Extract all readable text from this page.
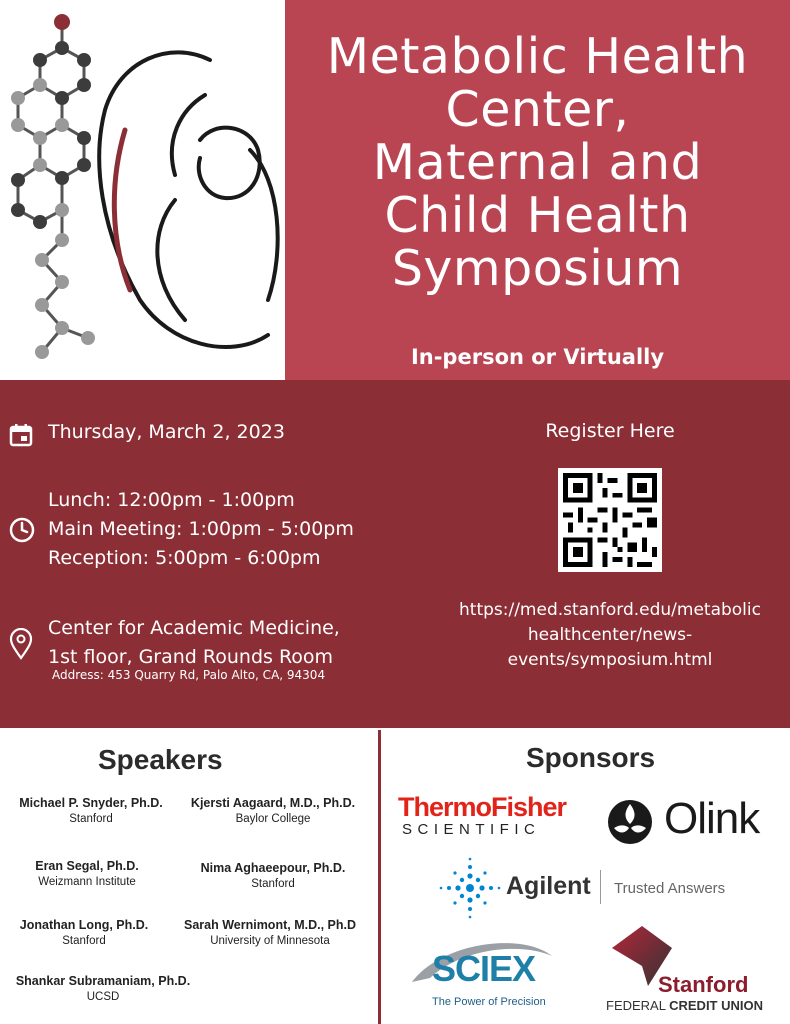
Metabolic Health
Center,
Maternal and
Child Health
Symposium
In-person or Virtually
Thursday, March 2, 2023
Lunch: 12:00pm - 1:00pm
Main Meeting: 1:00pm - 5:00pm
Reception: 5:00pm - 6:00pm
Center for Academic Medicine,
1st floor, Grand Rounds Room
Address: 453 Quarry Rd, Palo Alto, CA, 94304
Register Here
https://med.stanford.edu/metabolic
healthcenter/news-
events/symposium.html
Speakers
Michael P. Snyder, Ph.D.
Stanford
Kjersti Aagaard, M.D., Ph.D.
Baylor College
Eran Segal, Ph.D.
Weizmann Institute
Nima Aghaeepour, Ph.D.
Stanford
Jonathan Long, Ph.D.
Stanford
Sarah Wernimont, M.D., Ph.D
University of Minnesota
Shankar Subramaniam, Ph.D.
UCSD
Sponsors
ThermoFisher
SCIENTIFIC	Olink
Agilent Trusted Answers
SCIEX
The Power of Precision
Stanford
FEDERAL CREDIT UNION
